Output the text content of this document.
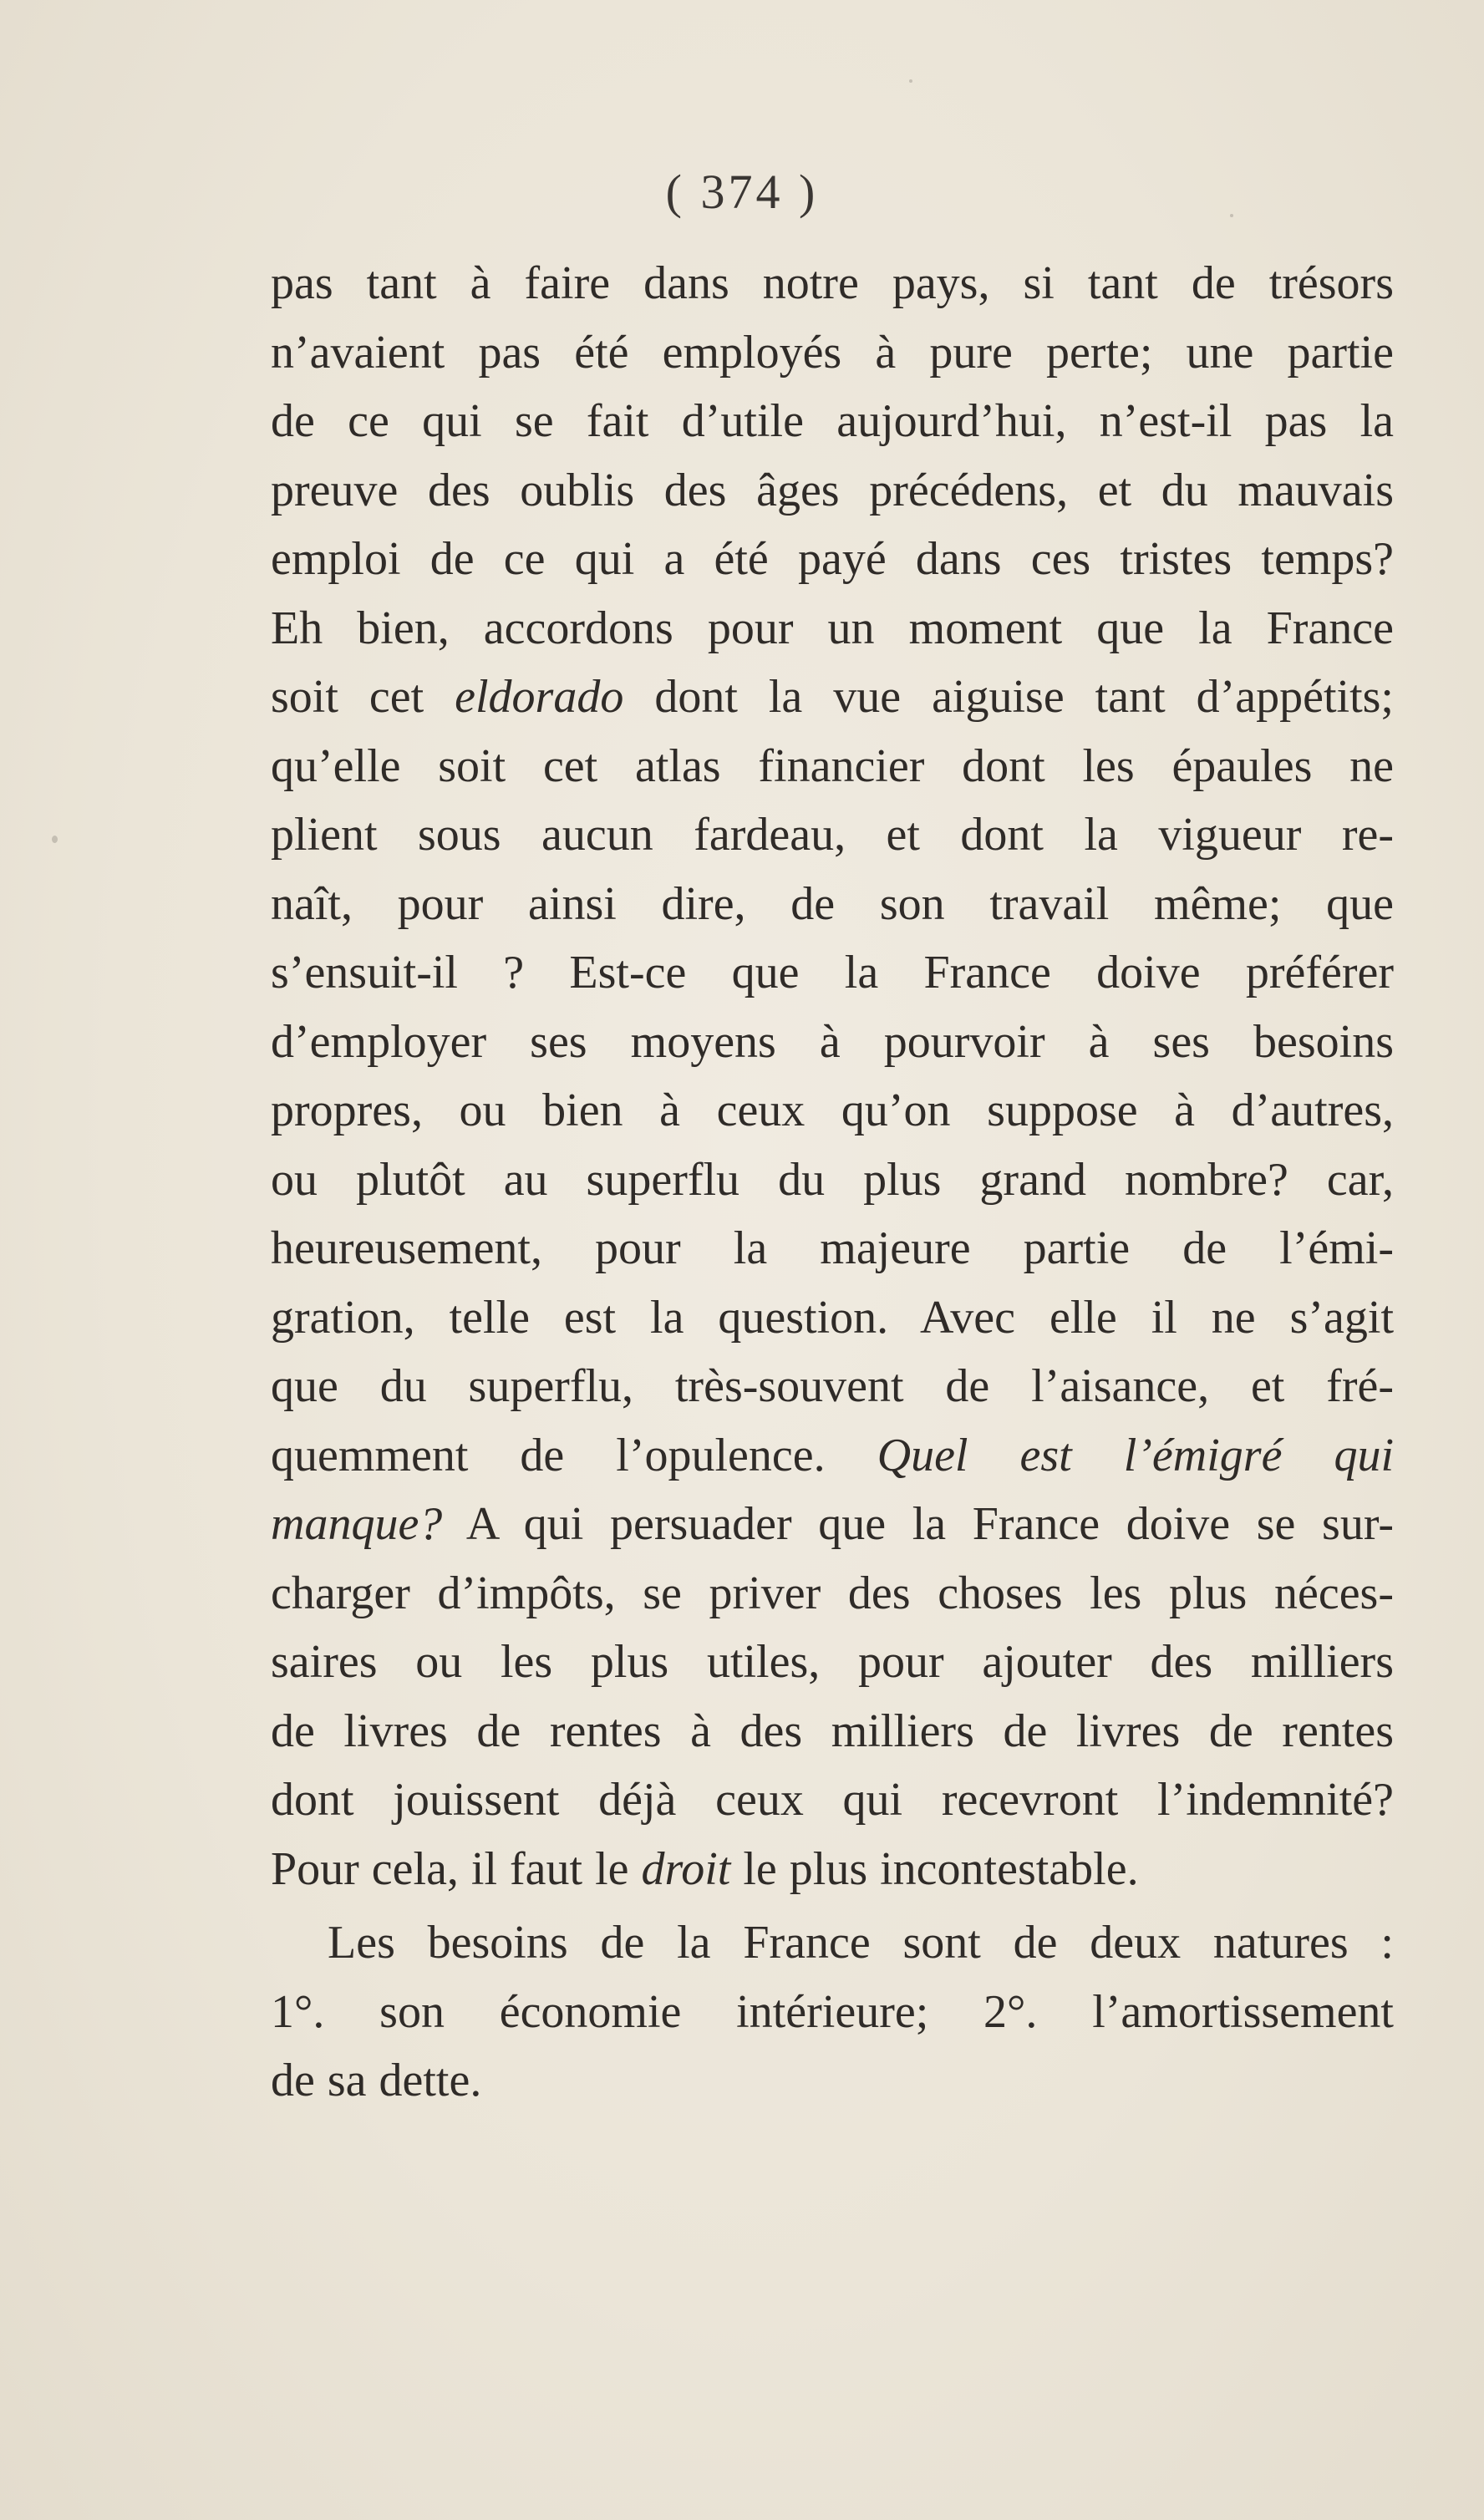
( 374 )
pas tant à faire dans notre pays, si tant de trésors
n’avaient pas été employés à pure perte; une partie
de ce qui se fait d’utile aujourd’hui, n’est-il pas la
preuve des oublis des âges précédens, et du mauvais
emploi de ce qui a été payé dans ces tristes temps?
Eh bien, accordons pour un moment que la France
soit cet eldorado dont la vue aiguise tant d’appétits;
qu’elle soit cet atlas financier dont les épaules ne
plient sous aucun fardeau, et dont la vigueur re-
naît, pour ainsi dire, de son travail même; que
s’ensuit-il ? Est-ce que la France doive préférer
d’employer ses moyens à pourvoir à ses besoins
propres, ou bien à ceux qu’on suppose à d’autres,
ou plutôt au superflu du plus grand nombre? car,
heureusement, pour la majeure partie de l’émi-
gration, telle est la question. Avec elle il ne s’agit
que du superflu, très-souvent de l’aisance, et fré-
quemment de l’opulence. Quel est l’émigré qui
manque? A qui persuader que la France doive se sur-
charger d’impôts, se priver des choses les plus néces-
saires ou les plus utiles, pour ajouter des milliers
de livres de rentes à des milliers de livres de rentes
dont jouissent déjà ceux qui recevront l’indemnité?
Pour cela, il faut le droit le plus incontestable.
Les besoins de la France sont de deux natures :
1°. son économie intérieure; 2°. l’amortissement
de sa dette.
